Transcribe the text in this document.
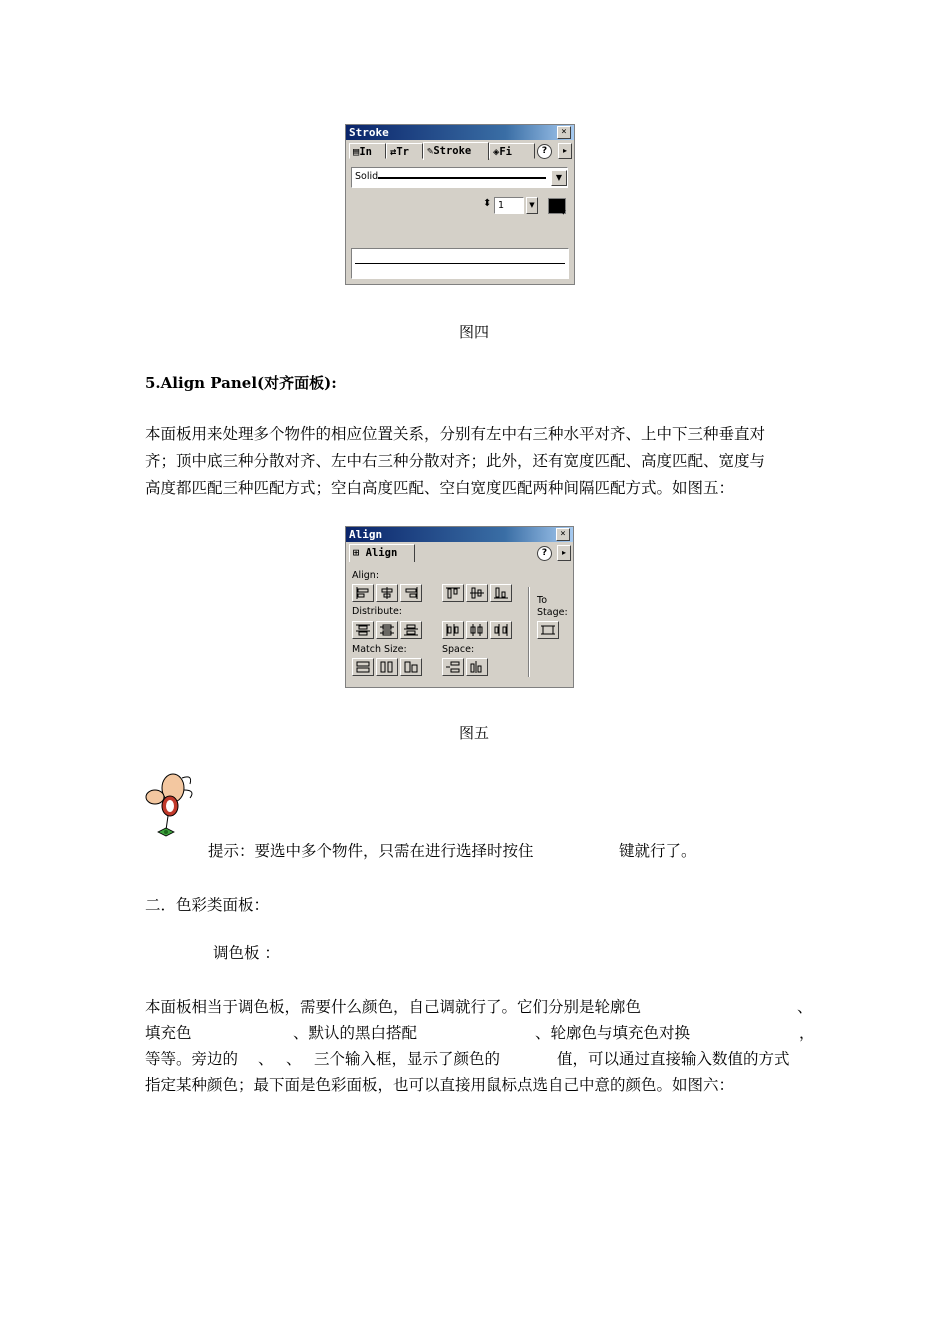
Stroke	×
▤In	⇄Tr	✎Stroke	◈Fi	?	▸
Solid	▼
⬍ 1	▼
▼
图四
5.Align Panel(对齐面板):
本面板用来处理多个物件的相应位置关系，分别有左中右三种水平对齐、上中下三种垂直对
齐；顶中底三种分散对齐、左中右三种分散对齐；此外，还有宽度匹配、高度匹配、宽度与
高度都匹配三种匹配方式；空白高度匹配、空白宽度匹配两种间隔匹配方式。如图五：
Align	×
⊞ Align	?	▸
Align:
Distribute:
Match Size:	Space:
To
Stage:
图五
提示：要选中多个物件，只需在进行选择时按住	键就行了。
二．色彩类面板：
调色板 ：
本面板相当于调色板，需要什么颜色，自己调就行了。它们分别是轮廓色	、
填充色	、默认的黑白搭配	、轮廓色与填充色对换	，
等等。旁边的 、 、 三个输入框，显示了颜色的	值，可以通过直接输入数值的方式
指定某种颜色；最下面是色彩面板，也可以直接用鼠标点选自己中意的颜色。如图六：
